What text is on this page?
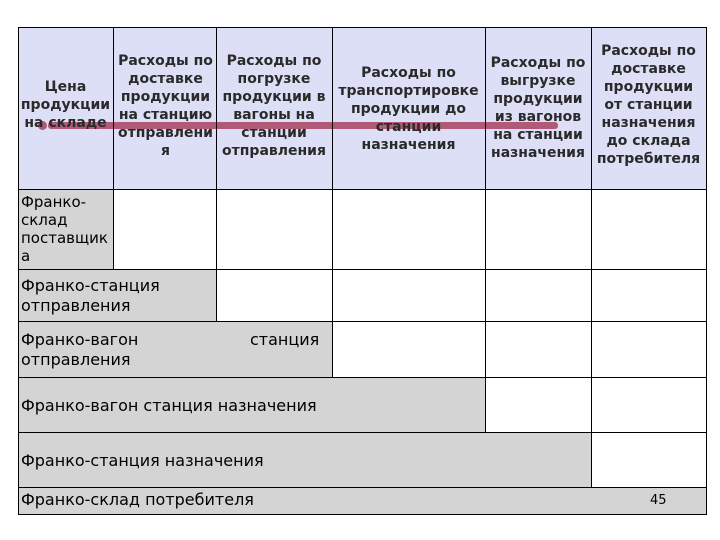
Цена
продукции
на складе
Расходы по
доставке
продукции
на станцию
отправлени
я
Расходы по
погрузке
продукции в
вагоны на
станции
отправления
Расходы по
транспортировке
продукции до
станции
назначения
Расходы по
выгрузке
продукции
из вагонов
на станции
назначения
Расходы по
доставке
продукции
от станции
назначения
до склада
потребителя
Франко-
склад
поставщик
а
Франко-станция
отправления
Франко-вагон
отправления
станция
Франко-вагон станция назначения
Франко-станция назначения
Франко-склад потребителя	45
